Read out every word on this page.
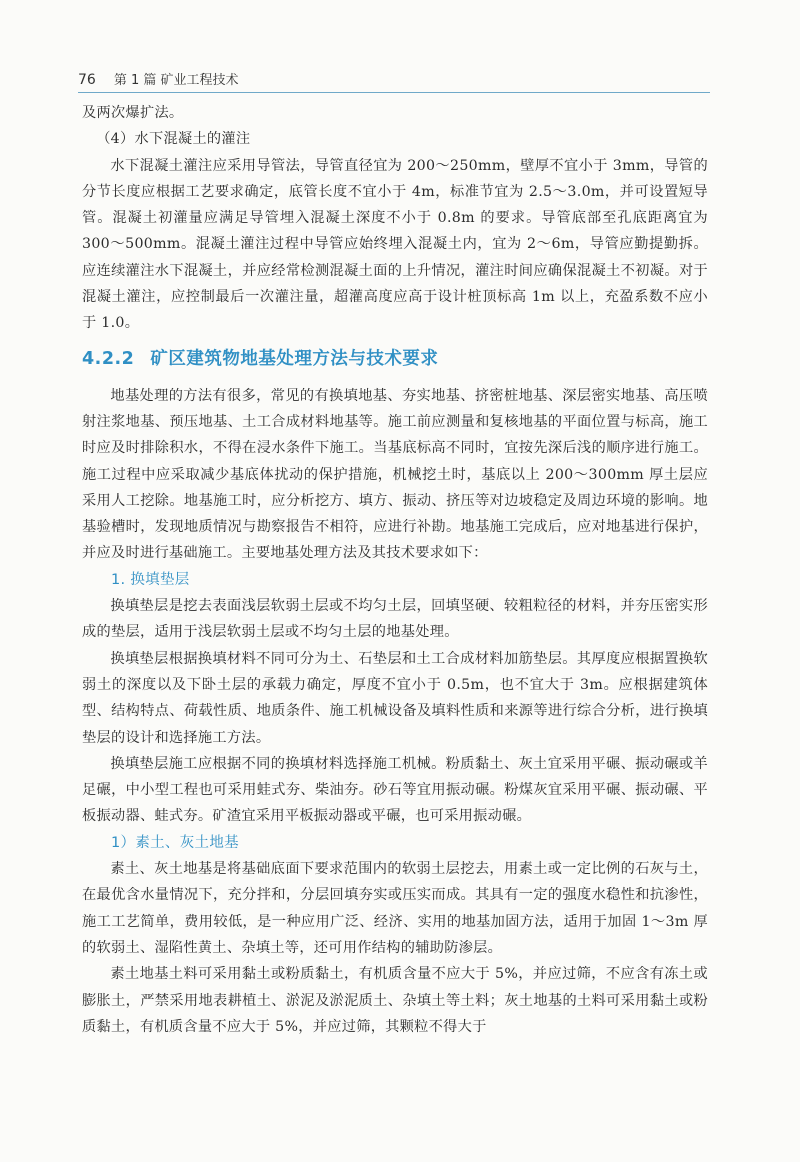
76 第 1 篇 矿业工程技术

及两次爆扩法。

（4）水下混凝土的灌注

水下混凝土灌注应采用导管法，导管直径宜为 200～250mm，壁厚不宜小于 3mm，导管的分节长度应根据工艺要求确定，底管长度不宜小于 4m，标准节宜为 2.5～3.0m，并可设置短导管。混凝土初灌量应满足导管埋入混凝土深度不小于 0.8m 的要求。导管底部至孔底距离宜为 300～500mm。混凝土灌注过程中导管应始终埋入混凝土内，宜为 2～6m，导管应勤提勤拆。应连续灌注水下混凝土，并应经常检测混凝土面的上升情况，灌注时间应确保混凝土不初凝。对于混凝土灌注，应控制最后一次灌注量，超灌高度应高于设计桩顶标高 1m 以上，充盈系数不应小于 1.0。

4.2.2 矿区建筑物地基处理方法与技术要求

地基处理的方法有很多，常见的有换填地基、夯实地基、挤密桩地基、深层密实地基、高压喷射注浆地基、预压地基、土工合成材料地基等。施工前应测量和复核地基的平面位置与标高，施工时应及时排除积水，不得在浸水条件下施工。当基底标高不同时，宜按先深后浅的顺序进行施工。施工过程中应采取减少基底体扰动的保护措施，机械挖土时，基底以上 200～300mm 厚土层应采用人工挖除。地基施工时，应分析挖方、填方、振动、挤压等对边坡稳定及周边环境的影响。地基验槽时，发现地质情况与勘察报告不相符，应进行补勘。地基施工完成后，应对地基进行保护，并应及时进行基础施工。主要地基处理方法及其技术要求如下：

1. 换填垫层

换填垫层是挖去表面浅层软弱土层或不均匀土层，回填坚硬、较粗粒径的材料，并夯压密实形成的垫层，适用于浅层软弱土层或不均匀土层的地基处理。

换填垫层根据换填材料不同可分为土、石垫层和土工合成材料加筋垫层。其厚度应根据置换软弱土的深度以及下卧土层的承载力确定，厚度不宜小于 0.5m，也不宜大于 3m。应根据建筑体型、结构特点、荷载性质、地质条件、施工机械设备及填料性质和来源等进行综合分析，进行换填垫层的设计和选择施工方法。

换填垫层施工应根据不同的换填材料选择施工机械。粉质黏土、灰土宜采用平碾、振动碾或羊足碾，中小型工程也可采用蛙式夯、柴油夯。砂石等宜用振动碾。粉煤灰宜采用平碾、振动碾、平板振动器、蛙式夯。矿渣宜采用平板振动器或平碾，也可采用振动碾。

1）素土、灰土地基

素土、灰土地基是将基础底面下要求范围内的软弱土层挖去，用素土或一定比例的石灰与土，在最优含水量情况下，充分拌和，分层回填夯实或压实而成。其具有一定的强度水稳性和抗渗性，施工工艺简单，费用较低，是一种应用广泛、经济、实用的地基加固方法，适用于加固 1～3m 厚的软弱土、湿陷性黄土、杂填土等，还可用作结构的辅助防渗层。

素土地基土料可采用黏土或粉质黏土，有机质含量不应大于 5%，并应过筛，不应含有冻土或膨胀土，严禁采用地表耕植土、淤泥及淤泥质土、杂填土等土料；灰土地基的土料可采用黏土或粉质黏土，有机质含量不应大于 5%，并应过筛，其颗粒不得大于
